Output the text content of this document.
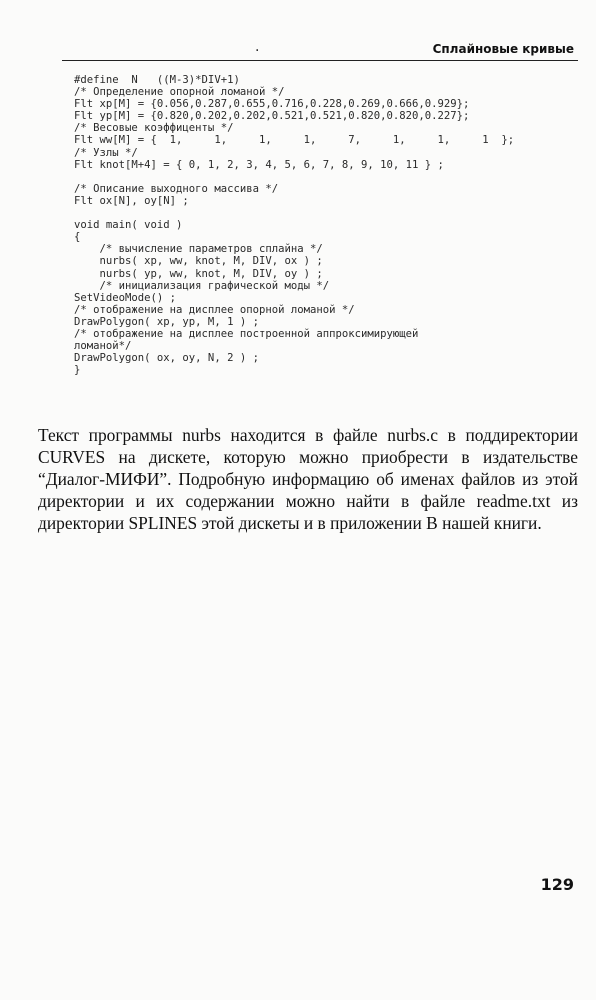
·	Сплайновые кривые
#define  N   ((M-3)*DIV+1)
/* Определение опорной ломаной */
Flt xp[M] = {0.056,0.287,0.655,0.716,0.228,0.269,0.666,0.929};
Flt yp[M] = {0.820,0.202,0.202,0.521,0.521,0.820,0.820,0.227};
/* Весовые коэффиценты */
Flt ww[M] = {  1,     1,     1,     1,     7,     1,     1,     1  };
/* Узлы */
Flt knot[M+4] = { 0, 1, 2, 3, 4, 5, 6, 7, 8, 9, 10, 11 } ;
/* Описание выходного массива */
Flt ox[N], oy[N] ;
void main( void )
{
/* вычисление параметров сплайна */
nurbs( xp, ww, knot, M, DIV, ox ) ;
nurbs( yp, ww, knot, M, DIV, oy ) ;
/* инициализация графической моды */
SetVideoMode() ;
/* отображение на дисплее опорной ломаной */
DrawPolygon( xp, yp, M, 1 ) ;
/* отображение на дисплее построенной аппроксимирующей
ломаной*/
DrawPolygon( ox, oy, N, 2 ) ;
}

Текст программы nurbs находится в файле nurbs.c в поддиректории CURVES на дискете, которую можно приобрести в издательстве “Диалог-МИФИ”. Подробную информацию об именах файлов из этой директории и их содержании можно найти в файле readme.txt из директории SPLINES этой дискеты и в приложении В нашей книги.

129
